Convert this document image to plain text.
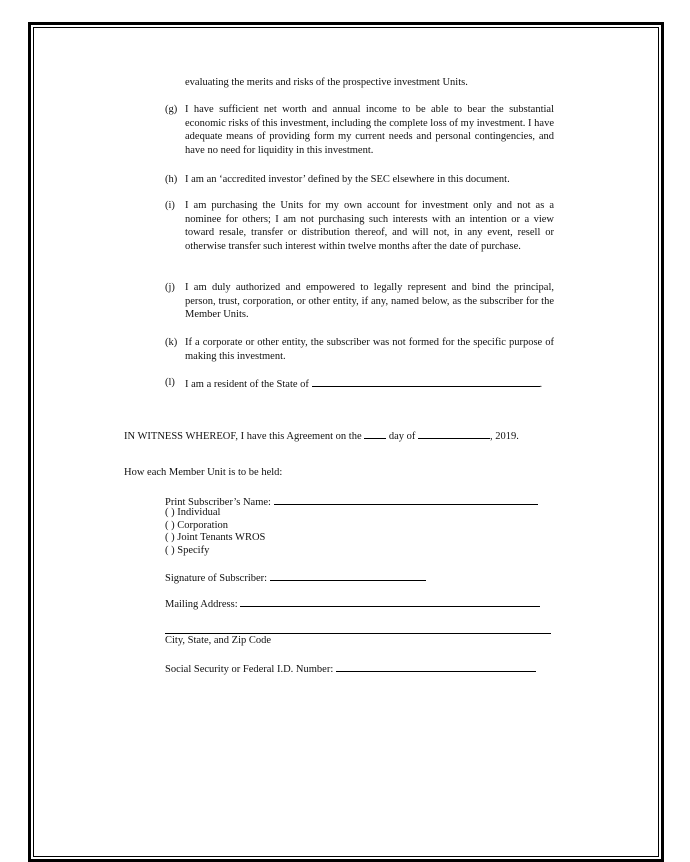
evaluating the merits and risks of the prospective investment Units.
(g) I have sufficient net worth and annual income to be able to bear the substantial economic risks of this investment, including the complete loss of my investment. I have adequate means of providing form my current needs and personal contingencies, and have no need for liquidity in this investment.
(h) I am an ‘accredited investor’ defined by the SEC elsewhere in this document.
(i) I am purchasing the Units for my own account for investment only and not as a nominee for others; I am not purchasing such interests with an intention or a view toward resale, transfer or distribution thereof, and will not, in any event, resell or otherwise transfer such interest within twelve months after the date of purchase.
(j) I am duly authorized and empowered to legally represent and bind the principal, person, trust, corporation, or other entity, if any, named below, as the subscriber for the Member Units.
(k) If a corporate or other entity, the subscriber was not formed for the specific purpose of making this investment.
(l) I am a resident of the State of	.
IN WITNESS WHEREOF, I have this Agreement on the	day of	, 2019.
How each Member Unit is to be held:
Print Subscriber’s Name:
( ) Individual
( ) Corporation
( ) Joint Tenants WROS
( ) Specify
Signature of Subscriber:
Mailing Address:
City, State, and Zip Code
Social Security or Federal I.D. Number:
